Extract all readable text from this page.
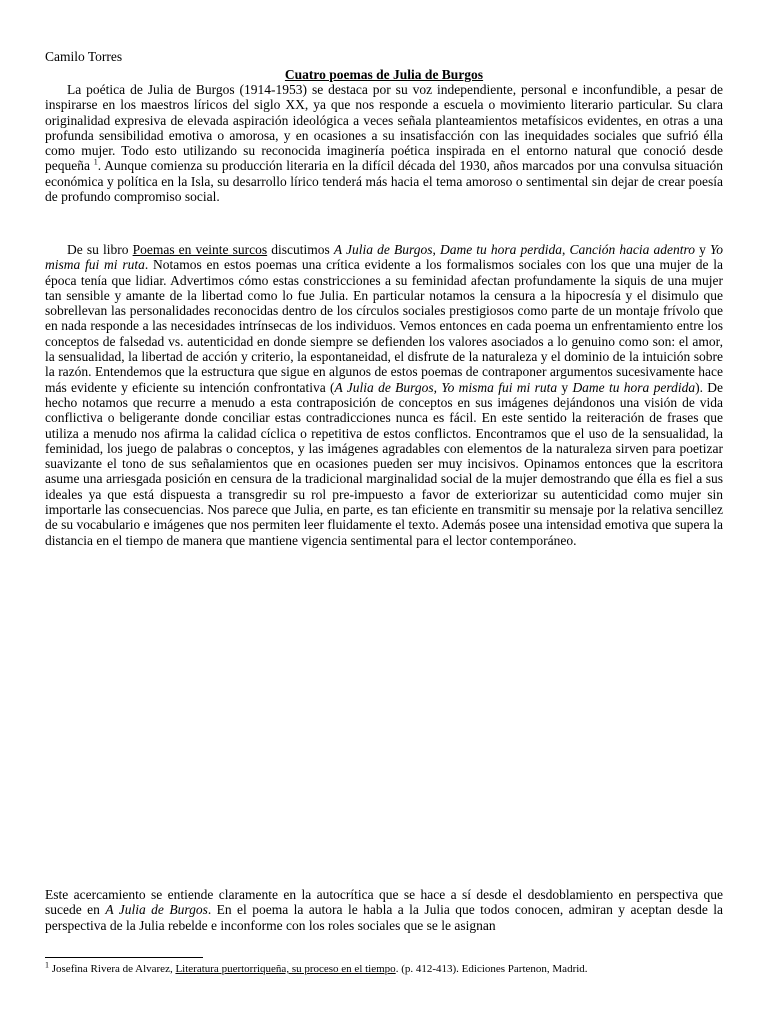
Camilo Torres
Cuatro poemas de Julia de Burgos

La poética de Julia de Burgos (1914-1953) se destaca por su voz independiente, personal e inconfundible, a pesar de inspirarse en los maestros líricos del siglo XX, ya que nos responde a escuela o movimiento literario particular. Su clara originalidad expresiva de elevada aspiración ideológica a veces señala planteamientos metafísicos evidentes, en otras a una profunda sensibilidad emotiva o amorosa, y en ocasiones a su insatisfacción con las inequidades sociales que sufrió élla como mujer. Todo esto utilizando su reconocida imaginería poética inspirada en el entorno natural que conoció desde pequeña $^1$. Aunque comienza su producción literaria en la difícil década del 1930, años marcados por una convulsa situación económica y política en la Isla, su desarrollo lírico tenderá más hacia el tema amoroso o sentimental sin dejar de crear poesía de profundo compromiso social.

De su libro Poemas en veinte surcos discutimos A Julia de Burgos, Dame tu hora perdida, Canción hacia adentro y Yo misma fui mi ruta. Notamos en estos poemas una crítica evidente a los formalismos sociales con los que una mujer de la época tenía que lidiar. Advertimos cómo estas constricciones a su feminidad afectan profundamente la siquis de una mujer tan sensible y amante de la libertad como lo fue Julia. En particular notamos la censura a la hipocresía y el disimulo que sobrellevan las personalidades reconocidas dentro de los círculos sociales prestigiosos como parte de un montaje frívolo que en nada responde a las necesidades intrínsecas de los individuos. Vemos entonces en cada poema un enfrentamiento entre los conceptos de falsedad vs. autenticidad en donde siempre se defienden los valores asociados a lo genuino como son: el amor, la sensualidad, la libertad de acción y criterio, la espontaneidad, el disfrute de la naturaleza y el dominio de la intuición sobre la razón. Entendemos que la estructura que sigue en algunos de estos poemas de contraponer argumentos sucesivamente hace más evidente y eficiente su intención confrontativa (A Julia de Burgos, Yo misma fui mi ruta y Dame tu hora perdida). De hecho notamos que recurre a menudo a esta contraposición de conceptos en sus imágenes dejándonos una visión de vida conflictiva o beligerante donde conciliar estas contradicciones nunca es fácil. En este sentido la reiteración de frases que utiliza a menudo nos afirma la calidad cíclica o repetitiva de estos conflictos. Encontramos que el uso de la sensualidad, la feminidad, los juego de palabras o conceptos, y las imágenes agradables con elementos de la naturaleza sirven para poetizar suavizante el tono de sus señalamientos que en ocasiones pueden ser muy incisivos. Opinamos entonces que la escritora asume una arriesgada posición en censura de la tradicional marginalidad social de la mujer demostrando que élla es fiel a sus ideales ya que está dispuesta a transgredir su rol pre-impuesto a favor de exteriorizar su autenticidad como mujer sin importarle las consecuencias. Nos parece que Julia, en parte, es tan eficiente en transmitir su mensaje por la relativa sencillez de su vocabulario e imágenes que nos permiten leer fluidamente el texto. Además posee una intensidad emotiva que supera la distancia en el tiempo de manera que mantiene vigencia sentimental para el lector contemporáneo.

Este acercamiento se entiende claramente en la autocrítica que se hace a sí desde el desdoblamiento en perspectiva que sucede en A Julia de Burgos. En el poema la autora le habla a la Julia que todos conocen, admiran y aceptan desde la perspectiva de la Julia rebelde e inconforme con los roles sociales que se le asignan

$^1$ Josefina Rivera de Alvarez, Literatura puertorriqueña, su proceso en el tiempo. (p. 412-413). Ediciones Partenon, Madrid.
